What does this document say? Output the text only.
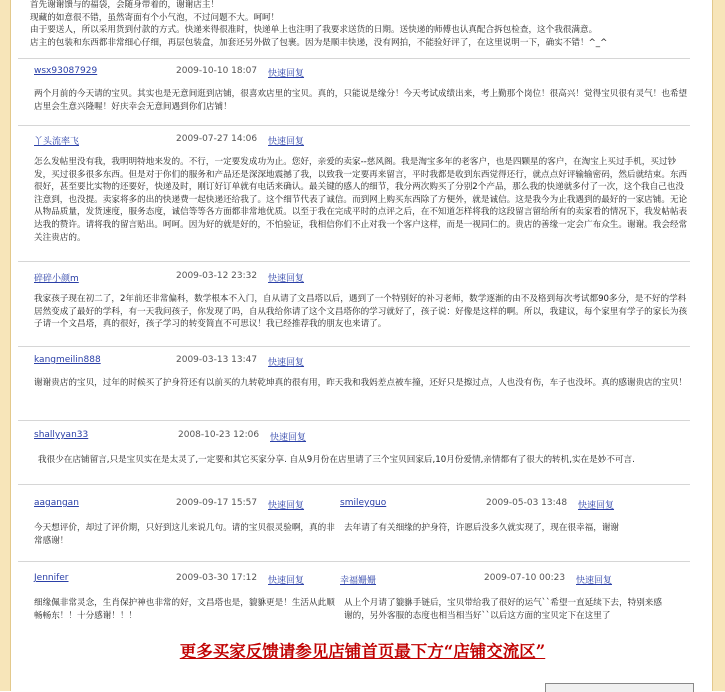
首先谢谢馈与的福袋，会随身带着的，谢谢店主！

现藏的如意很不错，虽然寄面有个小气泡，不过问题不大。呵呵！

由于要送人，所以采用货到付款的方式。快递来得很准时，快递单上也注明了我要求送货的日期。送快递的师傅也认真配合拆包检查，这个我很满意。

店主的包装和东西都非常细心仔细，再层包装盒，加套还另外做了包裹。因为是顺丰快递，没有网拍，不能验好评了，在这里说明一下，确实不错！^_^

wsx93087929	2009-10-10 18:07 快速回复

两个月前的今天请的宝贝。其实也是无意间逛到店铺，很喜欢店里的宝贝。真的，只能说是缘分！今天考试成绩出来，考上勤那个岗位！很高兴！觉得宝贝很有灵气！也希望店里会生意兴隆喔！好庆幸会无意间遇到你们店铺！

丫头流率飞	2009-07-27 14:06 快速回复

怎么发帖里没有我，我明明特地来发的。不行，一定要发成功为止。您好，亲爱的卖家--慈风阁。我是淘宝多年的老客户，也是四颗星的客户，在淘宝上买过手机，买过钞发，买过很多很多东西。但是对于你们的服务和产品还是深深地震撼了我，以致我一定要再来留言，平时我都是收到东西觉得还行，就点点好评输输密码，然后就结束。东西很好，甚至要比实物的还要好，快递及时，刚订好订单就有电话来确认。最关键的感人的细节，我分两次购买了分别2个产品，那么我的快递就多付了一次，这个我自己也没注意到，也没提。卖家将多的出的快递费一起快递还给我了。这个细节代表了诚信。而到网上购买东西除了方便外，就是诚信。这是我今为止我遇到的最好的一家店铺。无论从物品质量，发货速度，服务态度，诚信等等各方面都非常地优质。以至于我在完成平时的点评之后，在不知道怎样将我的这段留言留给所有的卖家看的情况下，我发帖帖表达我的赞许。请将我的留言贴出。呵呵。因为好的就是好的，不怕验证，我相信你们不止对我一个客户这样，而是一视同仁的。贵店的善缘一定会广布众生。谢谢。我会经常关注贵店的。

碎碎小颜m	2009-03-12 23:32 快速回复

我家孩子现在初二了，2年前还非常偏科，数学根本不入门，自从请了文昌塔以后，遇到了一个特别好的补习老师，数学逐渐的由不及格到每次考试都90多分，是不好的学科居然变成了最好的学科，有一天我问孩子，你发现了吗，自从我给你请了这个文昌塔你的学习就好了，孩子说：好像是这样的啊。所以，我建议，每个家里有学子的家长为孩子请一个文昌塔，真的很好，孩子学习的转变简直不可思议！我已经推荐我的朋友也来请了。

kangmeilin888	2009-03-13 13:47 快速回复

谢谢贵店的宝贝，过年的时候买了护身符还有以前买的九转乾坤真的很有用，昨天我和我妈差点被车撞，还好只是擦过点，人也没有伤，车子也没坏。真的感谢贵店的宝贝！

shallyyan33	2008-10-23 12:06 快速回复

我很少在店铺留言,只是宝贝实在是太灵了,一定要和其它买家分享. 自从9月份在店里请了三个宝贝回家后,10月份爱情,亲情都有了很大的转机,实在是妙不可言.

aagangan	2009-09-17 15:57 快速回复

今天想评价，却过了评价期，只好到这儿来说几句。请的宝贝很灵验啊，真的非常感谢！

smileyguo	2009-05-03 13:48 快速回复

去年请了有关细缘的护身符，许愿后没多久就实现了，现在很幸福，谢谢

Jennifer	2009-03-30 17:12 快速回复

细缘佩非常灵念，生肖保护神也非常的好，文昌塔也是，貔貅更是！生活从此顺畅畅东！！十分感谢！！！

幸福姗姗	2009-07-10 00:23 快速回复

从上个月请了貔貅手链后，宝贝带给我了很好的运气``希望一直延续下去，特别来感谢的，另外客服的态度也相当相当好``以后这方面的宝贝定下在这里了

更多买家反馈请参见店铺首页最下方“店铺交流区”
